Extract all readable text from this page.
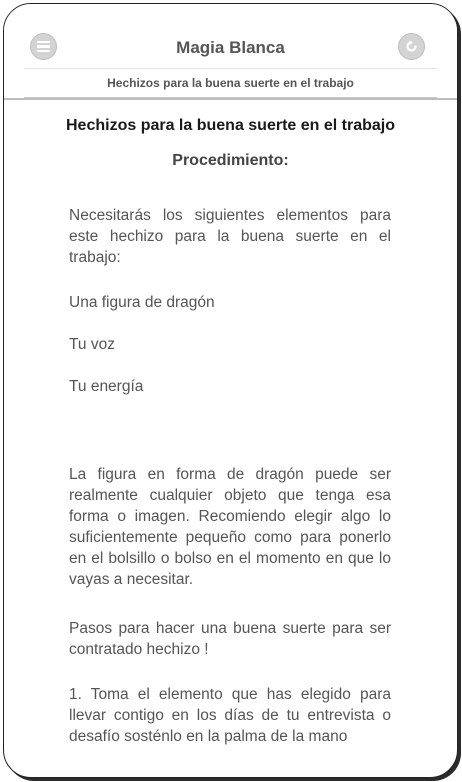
Magia Blanca
Hechizos para la buena suerte en el trabajo
Hechizos para la buena suerte en el trabajo
Procedimiento:

Necesitarás los siguientes elementos para este hechizo para la buena suerte en el trabajo:

Una figura de dragón

Tu voz

Tu energía

La figura en forma de dragón puede ser realmente cualquier objeto que tenga esa forma o imagen. Recomiendo elegir algo lo suficientemente pequeño como para ponerlo en el bolsillo o bolso en el momento en que lo vayas a necesitar.

Pasos para hacer una buena suerte para ser contratado hechizo !

1. Toma el elemento que has elegido para llevar contigo en los días de tu entrevista o desafío sosténlo en la palma de la mano
